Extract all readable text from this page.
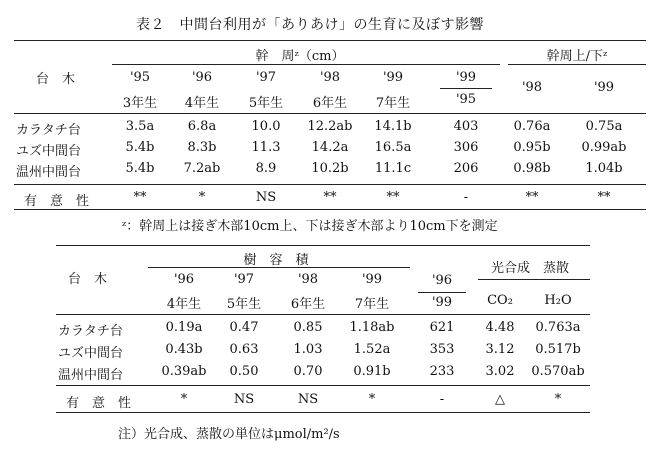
表２　中間台利用が「ありあけ」の生育に及ぼす影響
台　木
幹　周ᶻ（cm）	幹周上/下ᶻ
'95	'96	'97	'98	'99	'99
'98	'99
3年生 4年生 5年生 6年生 7年生	'95
カラタチ台	3.5a	6.8a	10.0 12.2ab 14.1b	403	0.76a	0.75a
ユズ中間台	5.4b	8.3b	11.3 14.2a 16.5a	306	0.95b 0.99ab
温州中間台	5.4b 7.2ab	8.9	10.2b 11.1c	206	0.98b	1.04b
有　意　性	**	*	NS	**	**	-	**	**
ᶻ：幹周上は接ぎ木部10cm上、下は接ぎ木部より10cm下を測定
台　木
樹　容　積
光合成　蒸散
'96	'97	'98	'99	'96
4年生 5年生 6年生 7年生	'99	CO₂ H₂O
カラタチ台	0.19a 0.47	0.85 1.18ab	621 4.48 0.763a
ユズ中間台	0.43b 0.63	1.03 1.52a	353 3.12 0.517b
温州中間台	0.39ab 0.50	0.70 0.91b	233 3.02 0.570ab
有　意　性	*	NS	NS	*	-	△	*
注）光合成、蒸散の単位はμmol/m²/s
